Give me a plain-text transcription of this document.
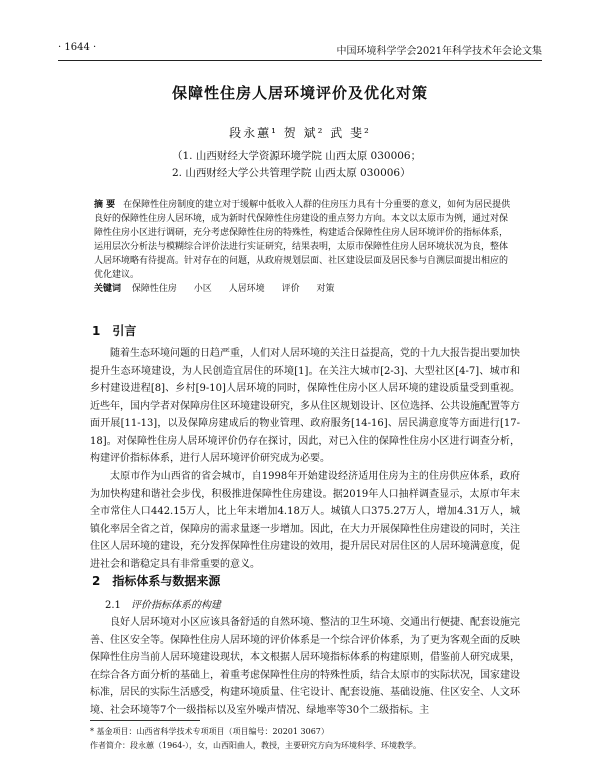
· 1644 ·	中国环境科学学会2021年科学技术年会论文集
保障性住房人居环境评价及优化对策
段永蕙¹ 贺 斌² 武 斐²
（1. 山西财经大学资源环境学院 山西太原 030006；
2. 山西财经大学公共管理学院 山西太原 030006）
摘 要 在保障性住房制度的建立对于缓解中低收入人群的住房压力具有十分重要的意义，如何为居民提供良好的保障性住房人居环境，成为新时代保障性住房建设的重点努力方向。本文以太原市为例，通过对保障性住房小区进行调研，充分考虑保障性住房的特殊性，构建适合保障性住房人居环境评价的指标体系，运用层次分析法与模糊综合评价法进行实证研究，结果表明，太原市保障性住房人居环境状况为良，整体人居环境略有待提高。针对存在的问题，从政府规划层面、社区建设层面及居民参与自测层面提出相应的优化建议。
关键词 保障性住房 小区 人居环境 评价 对策
1 引言
随着生态环境问题的日趋严重，人们对人居环境的关注日益提高，党的十九大报告提出要加快提升生态环境建设，为人民创造宜居住的环境[1]。在关注大城市[2-3]、大型社区[4-7]、城市和乡村建设进程[8]、乡村[9-10]人居环境的同时，保障性住房小区人居环境的建设质量受到重视。近些年，国内学者对保障房住区环境建设研究，多从住区规划设计、区位选择、公共设施配置等方面开展[11-13]，以及保障房建成后的物业管理、政府服务[14-16]、居民满意度等方面进行[17-18]。对保障性住房人居环境评价仍存在探讨，因此，对已入住的保障性住房小区进行调查分析，构建评价指标体系，进行人居环境评价研究成为必要。
太原市作为山西省的省会城市，自1998年开始建设经济适用住房为主的住房供应体系，政府为加快构建和谐社会步伐，积极推进保障性住房建设。据2019年人口抽样调查显示，太原市年末全市常住人口442.15万人，比上年末增加4.18万人。城镇人口375.27万人，增加4.31万人，城镇化率居全省之首，保障房的需求量逐一步增加。因此，在大力开展保障性住房建设的同时，关注住区人居环境的建设，充分发挥保障性住房建设的效用，提升居民对居住区的人居环境满意度，促进社会和谐稳定具有非常重要的意义。
2 指标体系与数据来源
2.1 评价指标体系的构建
良好人居环境对小区应该具备舒适的自然环境、整洁的卫生环境、交通出行便捷、配套设施完善、住区安全等。保障性住房人居环境的评价体系是一个综合评价体系，为了更为客观全面的反映保障性住房当前人居环境建设现状，本文根据人居环境指标体系的构建原则，借鉴前人研究成果，在综合各方面分析的基础上，着重考虑保障性住房的特殊性质，结合太原市的实际状况，国家建设标准，居民的实际生活感受，构建环境质量、住宅设计、配套设施、基础设施、住区安全、人文环境、社会环境等7个一级指标以及室外噪声情况、绿地率等30个二级指标。主
* 基金项目：山西省科学技术专项项目（项目编号：20201 3067）
作者简介：段永蕙（1964-），女，山西阳曲人，教授，主要研究方向为环境科学、环境教学。
